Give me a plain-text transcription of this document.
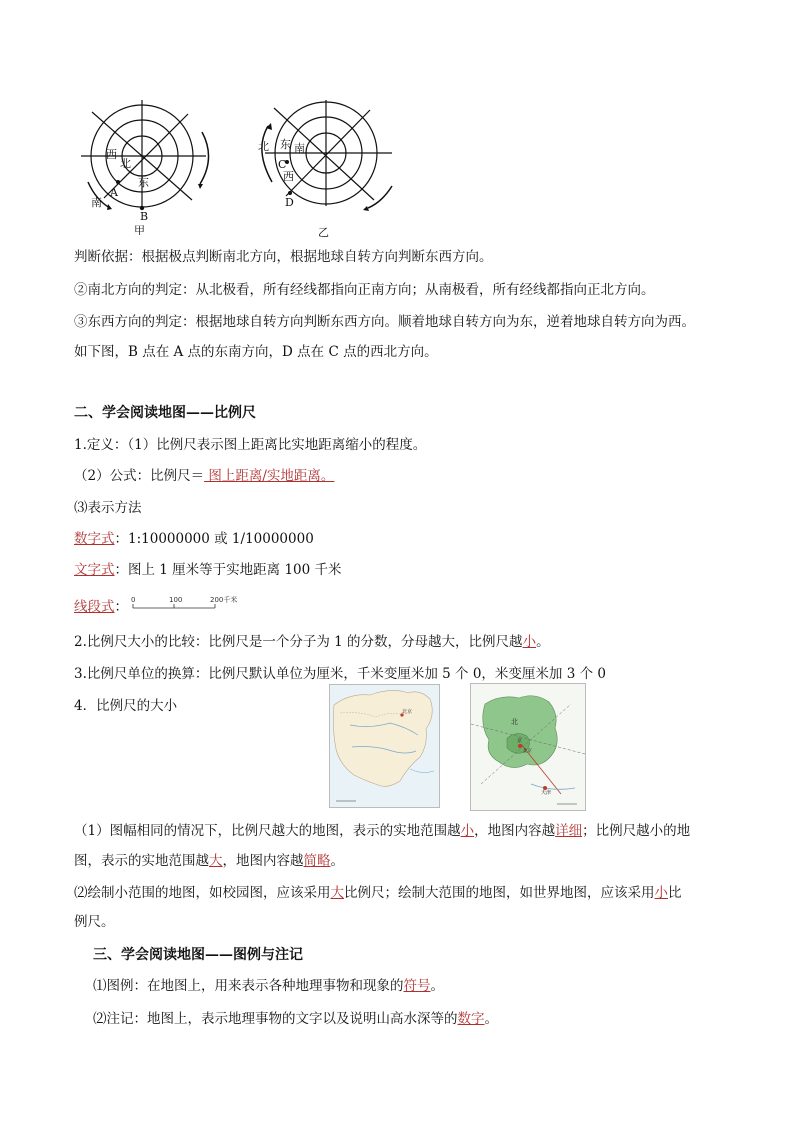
西
北
东
南
A
B
甲
东 南
北
西
C
D
乙
判断依据：根据极点判断南北方向，根据地球自转方向判断东西方向。
②南北方向的判定：从北极看，所有经线都指向正南方向；从南极看，所有经线都指向正北方向。
③东西方向的判定：根据地球自转方向判断东西方向。顺着地球自转方向为东，逆着地球自转方向为西。
如下图，B 点在 A 点的东南方向，D 点在 C 点的西北方向。
二、学会阅读地图——比例尺
1.定义：（1）比例尺表示图上距离比实地距离缩小的程度。
（2）公式：比例尺＝ 图上距离/实地距离。
⑶表示方法
数字式：1:10000000 或 1/10000000
文字式：图上 1 厘米等于实地距离 100 千米
线段式： 0	100	200千米
2.比例尺大小的比较：比例尺是一个分子为 1 的分数，分母越大，比例尺越小。
3.比例尺单位的换算：比例尺默认单位为厘米，千米变厘米加 5 个 0，米变厘米加 3 个 0
4．比例尺的大小	北京
北
京
北京
天津
（1）图幅相同的情况下，比例尺越大的地图，表示的实地范围越小，地图内容越详细；比例尺越小的地
图，表示的实地范围越大，地图内容越简略。
⑵绘制小范围的地图，如校园图，应该采用大比例尺；绘制大范围的地图，如世界地图，应该采用小比
例尺。
三、学会阅读地图——图例与注记
⑴图例：在地图上，用来表示各种地理事物和现象的符号。
⑵注记：地图上，表示地理事物的文字以及说明山高水深等的数字。
